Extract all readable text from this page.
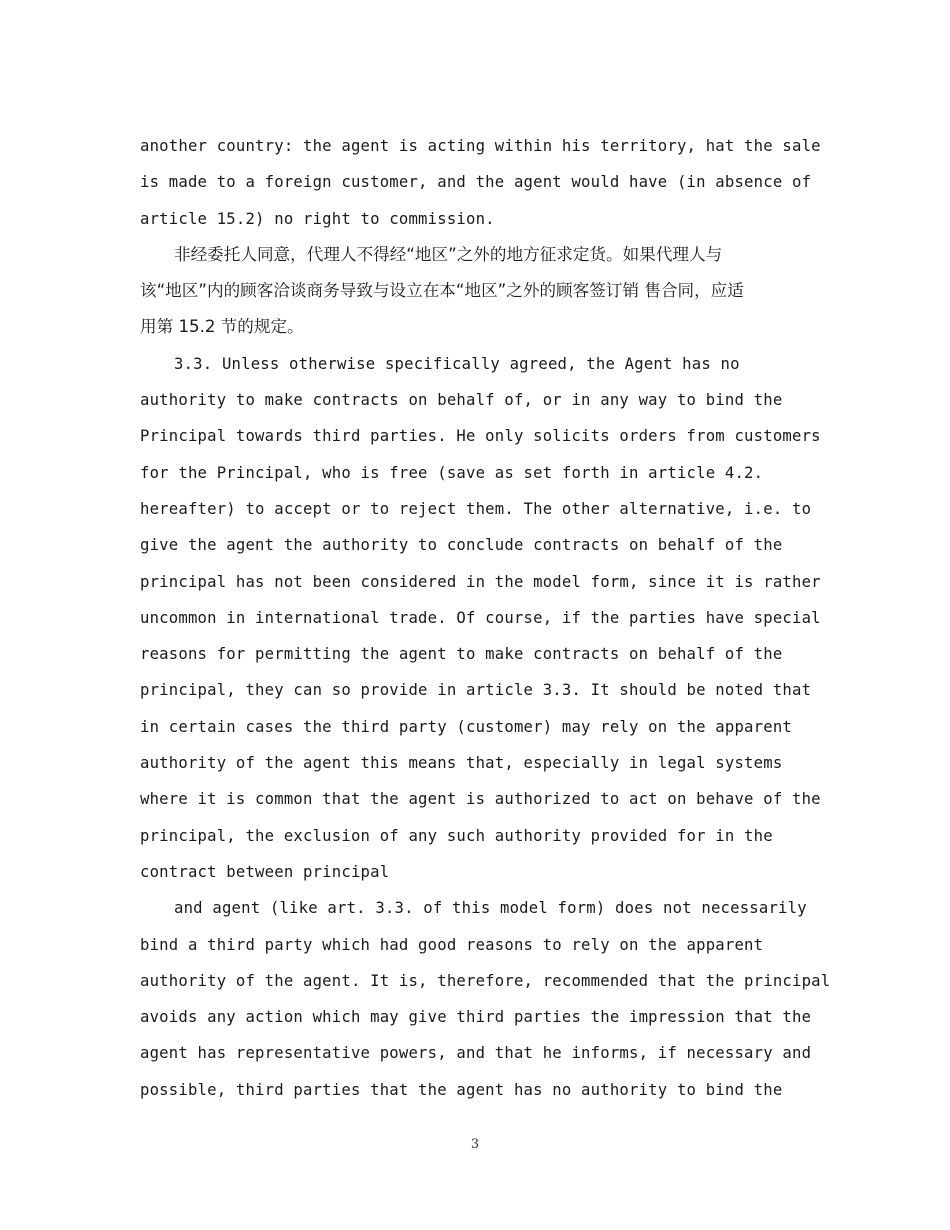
another country: the agent is acting within his territory, hat the sale
is made to a foreign customer, and the agent would have (in absence of
article 15.2) no right to commission.
非经委托人同意，代理人不得经“地区”之外的地方征求定货。如果代理人与
该“地区”内的顾客洽谈商务导致与设立在本“地区”之外的顾客签订销 售合同，应适
用第 15.2 节的规定。
3.3. Unless otherwise specifically agreed, the Agent has no
authority to make contracts on behalf of, or in any way to bind the
Principal towards third parties. He only solicits orders from customers
for the Principal, who is free (save as set forth in article 4.2.
hereafter) to accept or to reject them. The other alternative, i.e. to
give the agent the authority to conclude contracts on behalf of the
principal has not been considered in the model form, since it is rather
uncommon in international trade. Of course, if the parties have special
reasons for permitting the agent to make contracts on behalf of the
principal, they can so provide in article 3.3. It should be noted that
in certain cases the third party (customer) may rely on the apparent
authority of the agent this means that, especially in legal systems
where it is common that the agent is authorized to act on behave of the
principal, the exclusion of any such authority provided for in the
contract between principal
and agent (like art. 3.3. of this model form) does not necessarily
bind a third party which had good reasons to rely on the apparent
authority of the agent. It is, therefore, recommended that the principal
avoids any action which may give third parties the impression that the
agent has representative powers, and that he informs, if necessary and
possible, third parties that the agent has no authority to bind the
3
